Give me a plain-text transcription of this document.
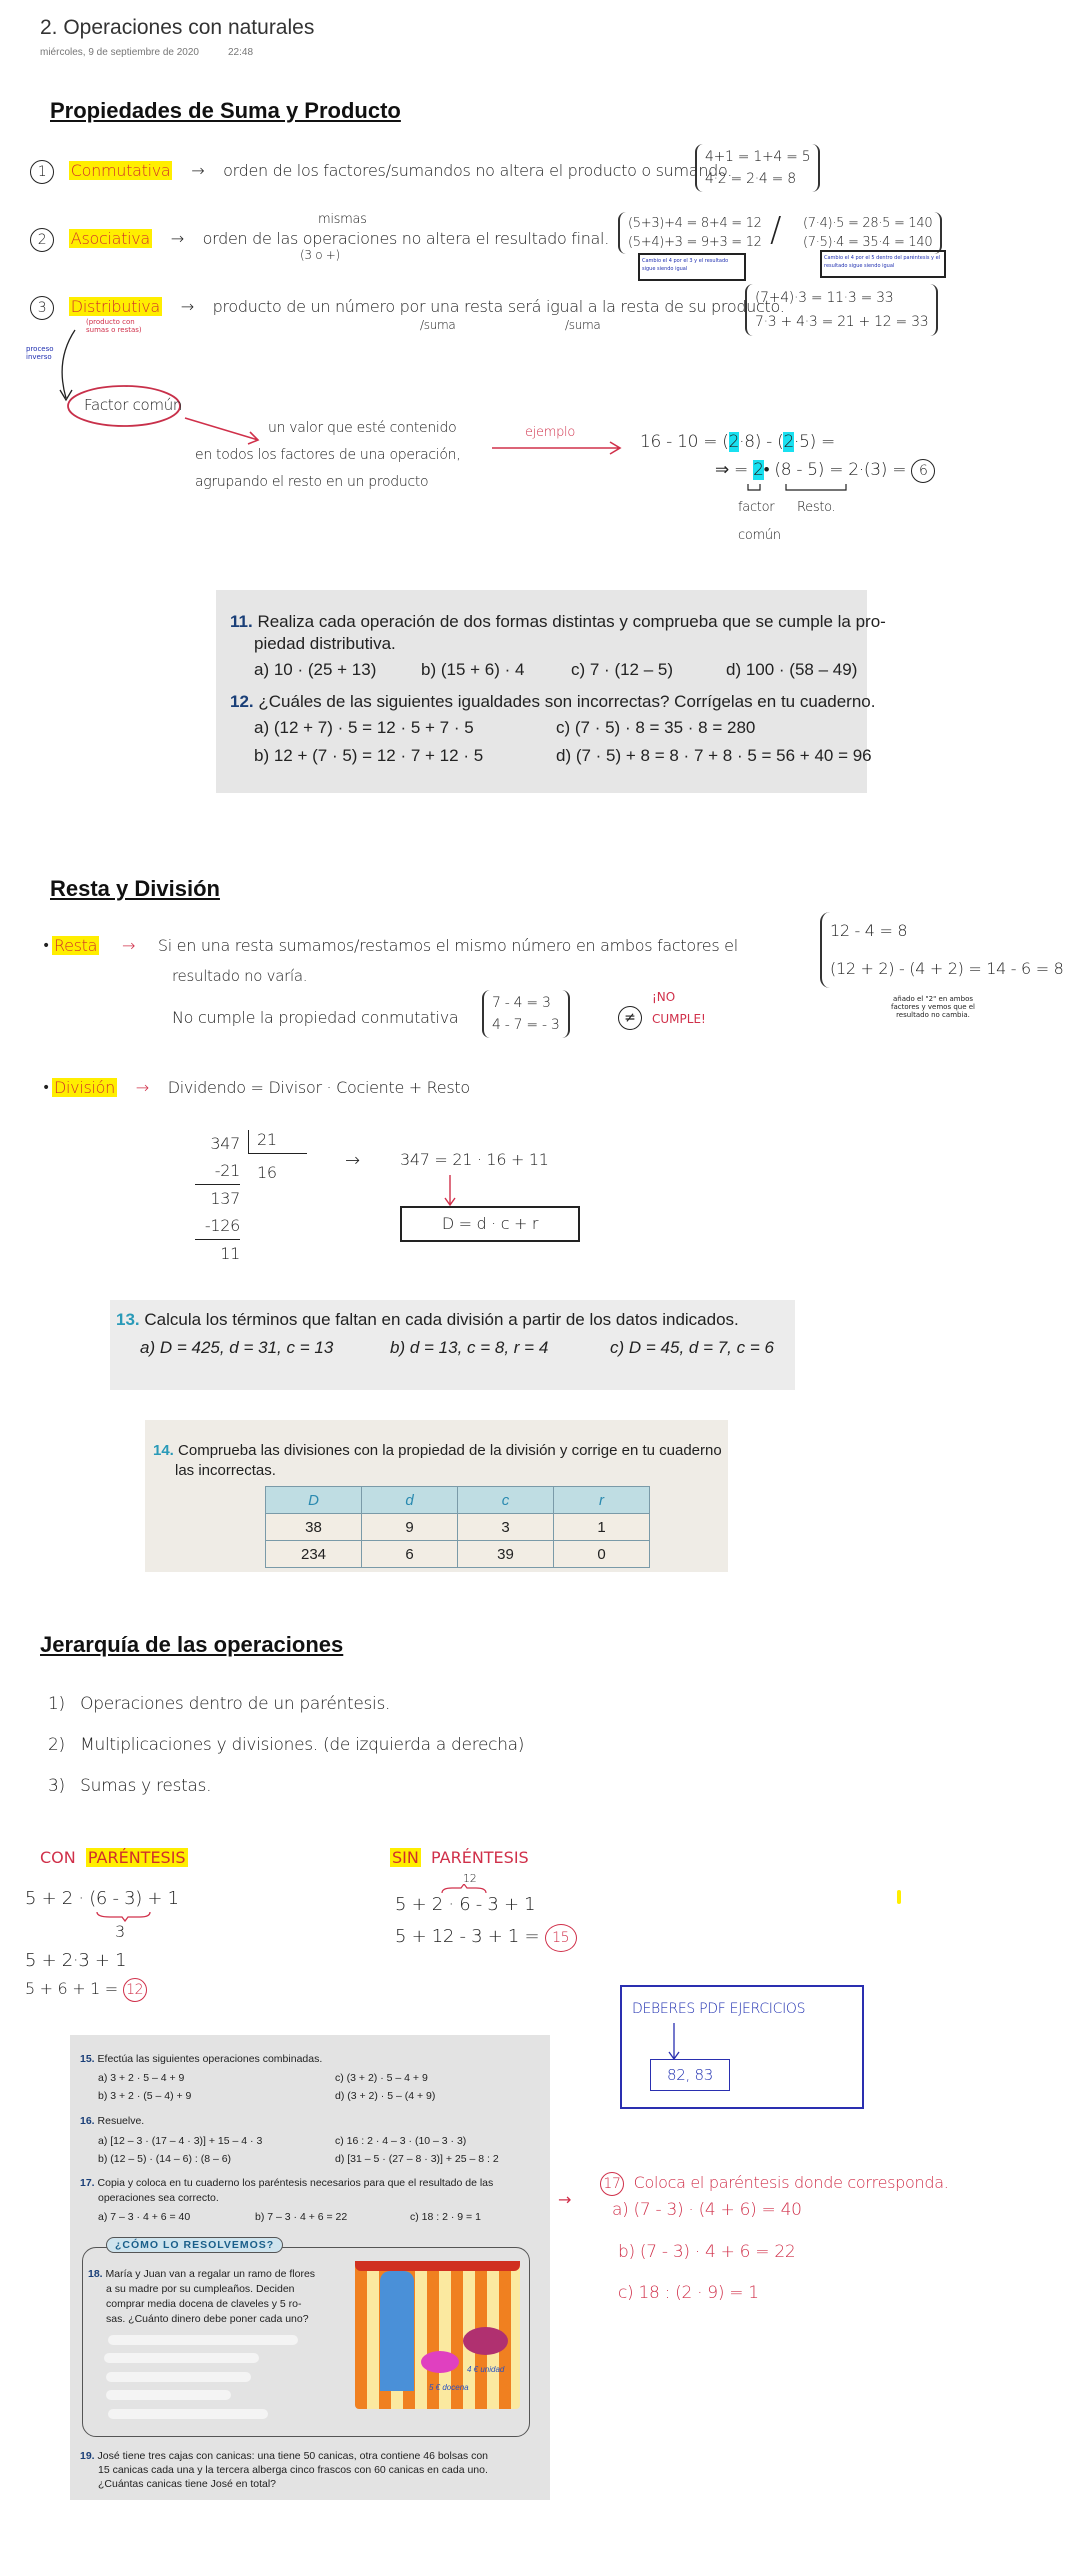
2. Operaciones con naturales
miércoles, 9 de septiembre de 2020	22:48
Propiedades de Suma y Producto
1 Conmutativa → orden de los factores/sumandos no altera el producto o sumando.
4+1 = 1+4 = 5
4·2 = 2·4 = 8
mismas
2 Asociativa → orden de las operaciones no altera el resultado final.
(3 o +)
(5+3)+4 = 8+4 = 12
(5+4)+3 = 9+3 = 12 / (7·4)·5 = 28·5 = 140
(7·5)·4 = 35·4 = 140
Cambio el 4 por el 3 y el resultado sigue siendo igual
Cambio el 4 por el 5 dentro del paréntesis y el resultado sigue siendo igual
3 Distributiva → producto de un número por una resta será igual a la resta de su producto.
/suma	/suma
(producto con sumas o restas)
(7+4)·3 = 11·3 = 33
7·3 + 4·3 = 21 + 12 = 33
proceso inverso
Factor común
un valor que esté contenido
en todos los factores de una operación,
agrupando el resto en un producto
ejemplo	16 - 10 = (2·8) - (2·5) =
⇒ = 2• (8 - 5) = 2·(3) = 6
factor
común
Resto.
11. Realiza cada operación de dos formas distintas y comprueba que se cumple la pro-
piedad distributiva.
a) 10 · (25 + 13)	b) (15 + 6) · 4	c) 7 · (12 – 5)	d) 100 · (58 – 49)
12. ¿Cuáles de las siguientes igualdades son incorrectas? Corrígelas en tu cuaderno.
a) (12 + 7) · 5 = 12 · 5 + 7 · 5	c) (7 · 5) · 8 = 35 · 8 = 280
b) 12 + (7 · 5) = 12 · 7 + 12 · 5	d) (7 · 5) + 8 = 8 · 7 + 8 · 5 = 56 + 40 = 96
Resta y División
• Resta → Si en una resta sumamos/restamos el mismo número en ambos factores el
resultado no varía.
No cumple la propiedad conmutativa
7 - 4 = 3
4 - 7 = - 3	≠
¡NO
CUMPLE!
12 - 4 = 8
(12 + 2) - (4 + 2) = 14 - 6 = 8
añado el "2" en ambos factores y vemos que el resultado no cambia.
• División → Dividendo = Divisor · Cociente + Resto
347
-21
137
-126
11
21
16
→	347 = 21 · 16 + 11
D = d · c + r
13. Calcula los términos que faltan en cada división a partir de los datos indicados.
a) D = 425, d = 31, c = 13	b) d = 13, c = 8, r = 4	c) D = 45, d = 7, c = 6
14. Comprueba las divisiones con la propiedad de la división y corrige en tu cuaderno
las incorrectas.
D	d	c	r
38	9	3	1
234	6	39	0
Jerarquía de las operaciones
1) Operaciones dentro de un paréntesis.
2) Multiplicaciones y divisiones. (de izquierda a derecha)
3) Sumas y restas.
CON PARÉNTESIS	SIN PARÉNTESIS
5 + 2 · (6 - 3) + 1
3
5 + 2·3 + 1
5 + 6 + 1 = 12
12
5 + 2 · 6 - 3 + 1
5 + 12 - 3 + 1 = 15
DEBERES PDF EJERCICIOS
82, 83
15. Efectúa las siguientes operaciones combinadas.
a) 3 + 2 · 5 – 4 + 9	c) (3 + 2) · 5 – 4 + 9
b) 3 + 2 · (5 – 4) + 9	d) (3 + 2) · 5 – (4 + 9)
16. Resuelve.
a) [12 – 3 · (17 – 4 · 3)] + 15 – 4 · 3	c) 16 : 2 · 4 – 3 · (10 – 3 · 3)
b) (12 – 5) · (14 – 6) : (8 – 6)	d) [31 – 5 · (27 – 8 · 3)] + 25 – 8 : 2
17. Copia y coloca en tu cuaderno los paréntesis necesarios para que el resultado de las
operaciones sea correcto.
a) 7 – 3 · 4 + 6 = 40	b) 7 – 3 · 4 + 6 = 22	c) 18 : 2 · 9 = 1
¿CÓMO LO RESOLVEMOS?
18. María y Juan van a regalar un ramo de flores
a su madre por su cumpleaños. Deciden
comprar media docena de claveles y 5 ro-
sas. ¿Cuánto dinero debe poner cada uno?
4 € unidad
5 € docena
19. José tiene tres cajas con canicas: una tiene 50 canicas, otra contiene 46 bolsas con
15 canicas cada una y la tercera alberga cinco frascos con 60 canicas en cada uno.
¿Cuántas canicas tiene José en total?
→
17 Coloca el paréntesis donde corresponda.
a) (7 - 3) · (4 + 6) = 40
b) (7 - 3) · 4 + 6 = 22
c) 18 : (2 · 9) = 1
